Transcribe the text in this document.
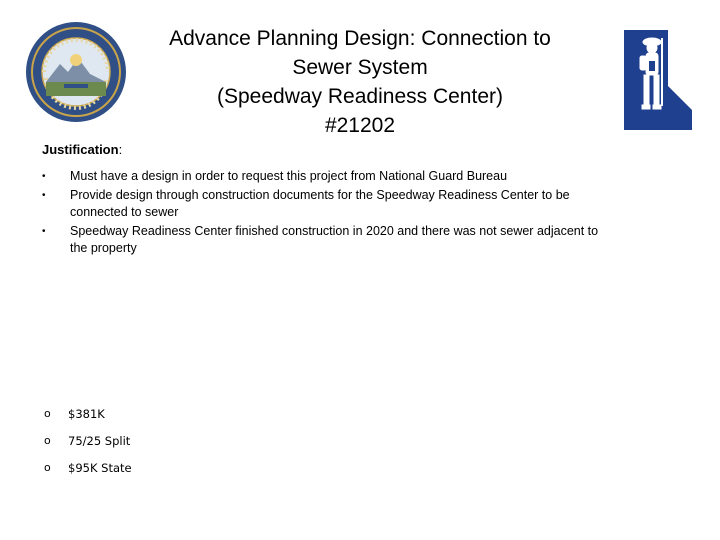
Advance Planning Design: Connection to
Sewer System
(Speedway Readiness Center)
#21202
Justification:
• Must have a design in order to request this project from National Guard Bureau
• Provide design through construction documents for the Speedway Readiness Center to be connected to sewer
• Speedway Readiness Center finished construction in 2020 and there was not sewer adjacent to the property
o	$381K
o	75/25 Split
o	$95K State
